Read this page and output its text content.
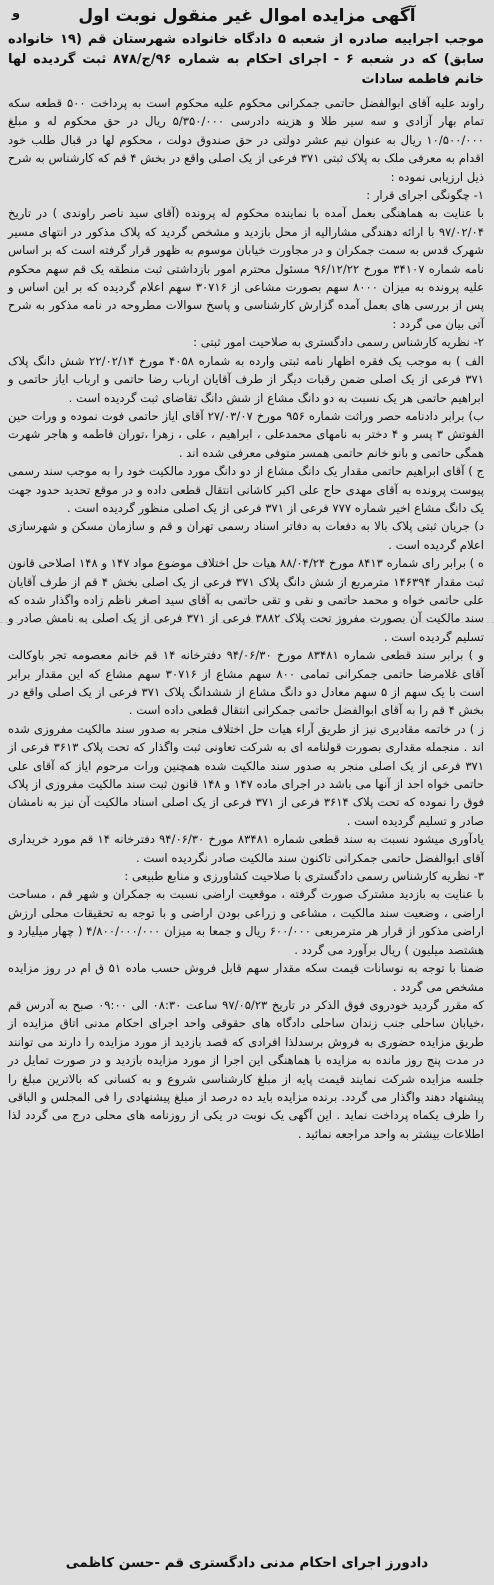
و	آگهی مزایده اموال غیر منقول نوبت اول
موجب اجراییه صادره از شعبه ۵ دادگاه خانواده شهرستان قم (۱۹ خانواده سابق) که در شعبه ۶ - اجرای احکام به شماره ۹۶/ج/۸۷۸ ثبت گردیده لها خانم فاطمه سادات

راوند علیه آقای ابوالفضل حاتمی جمکرانی محکوم علیه محکوم است به پرداخت ۵۰۰ قطعه سکه تمام بهار آزادی و سه سیر طلا و هزینه دادرسی ۵/۳۵۰/۰۰۰ ریال در حق محکوم له و مبلغ ۱۰/۵۰۰/۰۰۰ ریال به عنوان نیم عشر دولتی در حق صندوق دولت ، محکوم لها در قبال طلب خود اقدام به معرفی ملک به پلاک ثبتی ۳۷۱ فرعی از یک اصلی واقع در بخش ۴ قم که کارشناس به شرح ذیل ارزیابی نموده :

۱- چگونگی اجرای قرار :

با عنایت به هماهنگی بعمل آمده با نماینده محکوم له پرونده (آقای سید ناصر راوندی ) در تاریخ ۹۷/۰۲/۰۴ با ارائه دهندگی مشارالیه از محل بازدید و مشخص گردید که پلاک مذکور در انتهای مسیر شهرک قدس به سمت جمکران و در مجاورت خیابان موسوم به ظهور قرار گرفته است که بر اساس نامه شماره ۳۴۱۰۷ مورخ ۹۶/۱۲/۲۲ مسئول محترم امور بازداشتی ثبت منطقه یک قم سهم محکوم علیه پرونده به میزان ۸۰۰۰ سهم بصورت مشاعی از ۳۰۷۱۶ سهم اعلام گردیده که بر این اساس و پس از بررسی های بعمل آمده گزارش کارشناسی و پاسخ سوالات مطروحه در نامه مذکور به شرح آتی بیان می گردد :

۲- نظریه کارشناس رسمی دادگستری به صلاحیت امور ثبتی :

الف ) به موجب یک فقره اظهار نامه ثبتی وارده به شماره ۴۰۵۸ مورخ ۲۲/۰۲/۱۴ شش دانگ پلاک ۳۷۱ فرعی از یک اصلی ضمن رقبات دیگر از طرف آقایان ارباب رضا حاتمی و ارباب ایاز حاتمی و ابراهیم حاتمی هر یک نسبت به دو دانگ مشاع از شش دانگ تقاضای ثبت گردیده است .

ب) برابر دادنامه حصر وراثت شماره ۹۵۶ مورخ ۲۷/۰۳/۰۷ آقای ایاز حاتمی فوت نموده و ورات حین الفوتش ۳ پسر و ۴ دختر به نامهای محمدعلی ، ابراهیم ، علی ، زهرا ،توران فاطمه و هاجر شهرت همگی حاتمی و بانو خانم حاتمی همسر متوفی معرفی شده اند .

ج ) آقای ابراهیم حاتمی مقدار یک دانگ مشاع از دو دانگ مورد مالکیت خود را به موجب سند رسمی پیوست پرونده به آقای مهدی حاج علی اکبر کاشانی انتقال قطعی داده و در موقع تحدید حدود جهت یک دانگ مشاع اخیر شماره ۷۷۷ فرعی از ۳۷۱ فرعی از یک اصلی منظور گردیده است .

د) جریان ثبتی پلاک بالا به دفعات به دفاتر اسناد رسمی تهران و قم و سازمان مسکن و شهرسازی اعلام گردیده است .

ه ) برابر رای شماره ۸۴۱۳ مورخ ۸۸/۰۴/۲۴ هیات حل اختلاف موضوع مواد ۱۴۷ و ۱۴۸ اصلاحی قانون ثبت مقدار ۱۴۶۳۹۴ مترمربع از شش دانگ پلاک ۳۷۱ فرعی از یک اصلی بخش ۴ قم از طرف آقایان علی حاتمی خواه و محمد حاتمی و نقی و تقی حاتمی به آقای سید اصغر ناظم زاده واگذار شده که سند مالکیت آن بصورت مفروز تحت پلاک ۳۸۸۲ فرعی از ۳۷۱ فرعی از یک اصلی به نامش صادر و تسلیم گردیده است .

و ) برابر سند قطعی شماره ۸۳۴۸۱ مورخ ۹۴/۰۶/۳۰ دفترخانه ۱۴ قم خانم معصومه تجر باوکالت آقای غلامرضا حاتمی جمکرانی تمامی ۸۰۰ سهم مشاع از ۳۰۷۱۶ سهم مشاع که این مقدار برابر است با یک سهم از ۵ سهم معادل دو دانگ مشاع از ششدانگ پلاک ۳۷۱ فرعی از یک اصلی واقع در بخش ۴ قم را به آقای ابوالفضل حاتمی جمکرانی انتقال قطعی داده است .

ز ) در خاتمه مقادیری نیز از طریق آراء هیات حل اختلاف منجر به صدور سند مالکیت مفروزی شده اند . منجمله مقداری بصورت قولنامه ای به شرکت تعاونی ثبت واگذار که تحت پلاک ۳۶۱۳ فرعی از ۳۷۱ فرعی از یک اصلی منجر به صدور سند مالکیت شده همچنین ورات مرحوم ایاز که آقای علی حاتمی خواه احد از آنها می باشد در اجرای ماده ۱۴۷ و ۱۴۸ قانون ثبت سند مالکیت مفروزی از پلاک فوق را نموده که تحت پلاک ۳۶۱۴ فرعی از ۳۷۱ فرعی از یک اصلی اسناد مالکیت آن نیز به نامشان صادر و تسلیم گردیده است .

یادآوری میشود نسبت به سند قطعی شماره ۸۳۴۸۱ مورخ ۹۴/۰۶/۳۰ دفترخانه ۱۴ قم مورد خریداری آقای ابوالفضل حاتمی جمکرانی تاکنون سند مالکیت صادر نگردیده است .

۳- نظریه کارشناس رسمی دادگستری با صلاحیت کشاورزی و منابع طبیعی :

با عنایت به بازدید مشترک صورت گرفته ، موقعیت اراضی نسبت به جمکران و شهر قم ، مساحت اراضی ، وضعیت سند مالکیت ، مشاعی و زراعی بودن اراضی و با توجه به تحقیقات محلی ارزش اراضی مذکور از قرار هر مترمربعی ۶۰۰/۰۰۰ ریال و جمعا به میزان ۴/۸۰۰/۰۰۰/۰۰۰ ( چهار میلیارد و هشتصد میلیون ) ریال برآورد می گردد .

ضمنا با توجه به نوسانات قیمت سکه مقدار سهم قابل فروش حسب ماده ۵۱ ق ام در روز مزایده مشخص می گردد .

که مقرر گردید خودروی فوق الذکر در تاریخ ۹۷/۰۵/۲۳ ساعت ۰۸:۳۰ الی ۰۹:۰۰ صبح به آدرس قم ،خیابان ساحلی جنب زندان ساحلی دادگاه های حقوقی واحد اجرای احکام مدنی اتاق مزایده از طریق مزایده حضوری به فروش برسدلذا افرادی که قصد بازدید از مورد مزایده را دارند می توانند در مدت پنج روز مانده به مزایده با هماهنگی این اجرا از مورد مزایده بازدید و در صورت تمایل در جلسه مزایده شرکت نمایند قیمت پایه از مبلغ کارشناسی شروع و به کسانی که بالاترین مبلغ را پیشنهاد دهند واگذار می گردد. برنده مزایده باید ده درصد از مبلغ پیشنهادی را فی المجلس و الباقی را ظرف یکماه پرداخت نماید . این آگهی یک نوبت در یکی از روزنامه های محلی درج می گردد لذا اطلاعات بیشتر به واحد مراجعه نمائید .

دادورز اجرای احکام مدنی دادگستری قم -حسن کاظمی
